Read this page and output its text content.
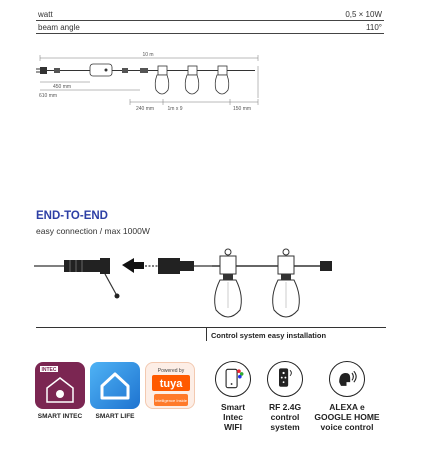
watt	0,5 × 10W
beam angle	110°
10 m
450 mm
610 mm
240 mm	1m x 9	150 mm
END-TO-END
easy connection / max 1000W
Control system easy installation
INTEC
SMART INTEC	SMART LIFE
Powered by
tuya
Intelligence Inside
Smart
Intec
WIFI
RF 2.4G
control
system
ALEXA e
GOOGLE HOME
voice control
